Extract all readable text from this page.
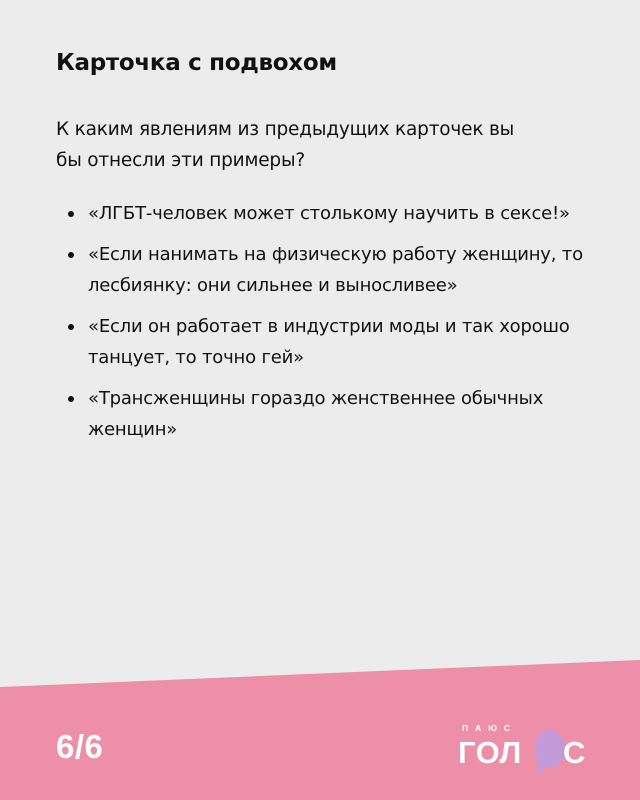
Карточка с подвохом

К каким явлениям из предыдущих карточек вы бы отнесли эти примеры?

«ЛГБТ-человек может столькому научить в сексе!»
«Если нанимать на физическую работу женщину, то лесбиянку: они сильнее и выносливее»
«Если он работает в индустрии моды и так хорошо танцует, то точно гей»
«Трансженщины гораздо женственнее обычных женщин»
6/6	ПАЮС
ГОЛ С
